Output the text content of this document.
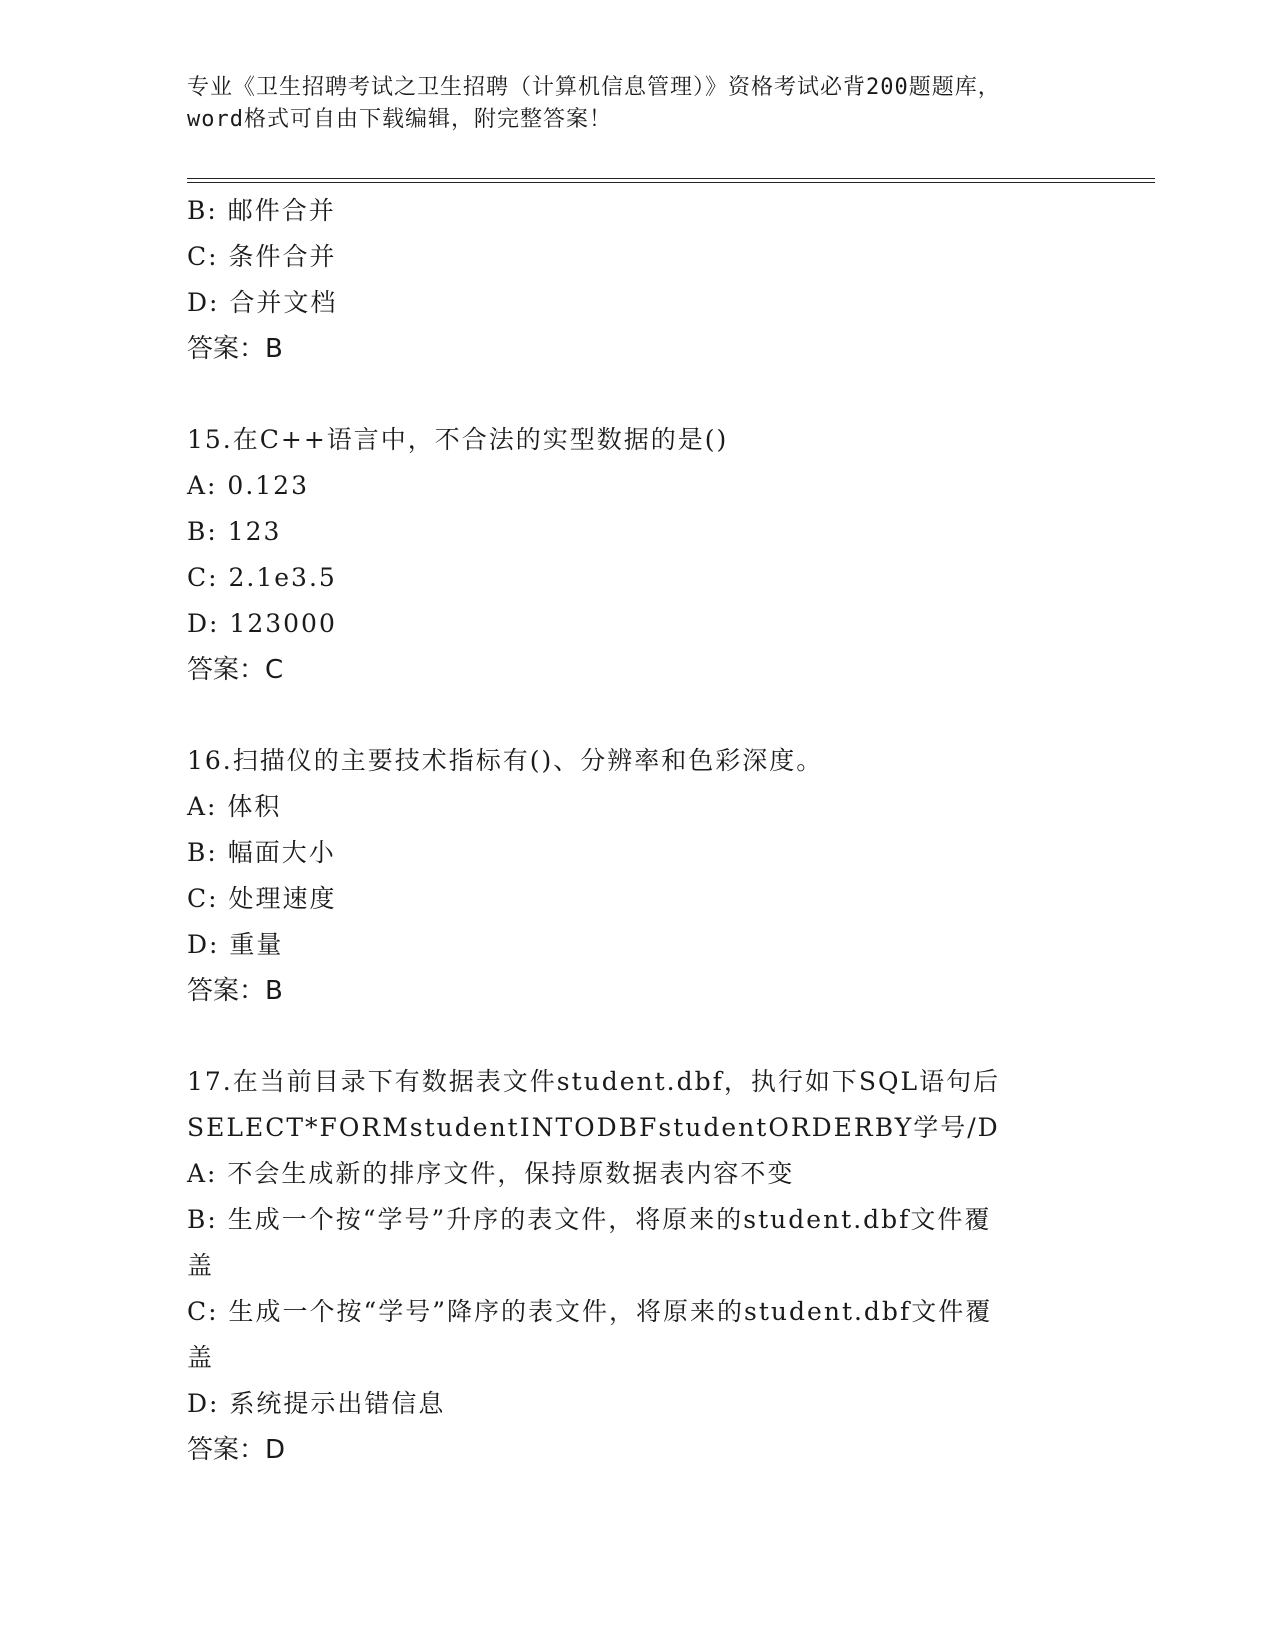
专业《卫生招聘考试之卫生招聘（计算机信息管理）》资格考试必背200题题库，
word格式可自由下载编辑，附完整答案！
B: 邮件合并
C: 条件合并
D: 合并文档
答案：B
15.在C++语言中，不合法的实型数据的是()
A: 0.123
B: 123
C: 2.1e3.5
D: 123000
答案：C
16.扫描仪的主要技术指标有()、分辨率和色彩深度。
A: 体积
B: 幅面大小
C: 处理速度
D: 重量
答案：B
17.在当前目录下有数据表文件student.dbf，执行如下SQL语句后
SELECT*FORMstudentINTODBFstudentORDERBY学号/D
A: 不会生成新的排序文件，保持原数据表内容不变
B: 生成一个按“学号”升序的表文件，将原来的student.dbf文件覆
盖
C: 生成一个按“学号”降序的表文件，将原来的student.dbf文件覆
盖
D: 系统提示出错信息
答案：D
